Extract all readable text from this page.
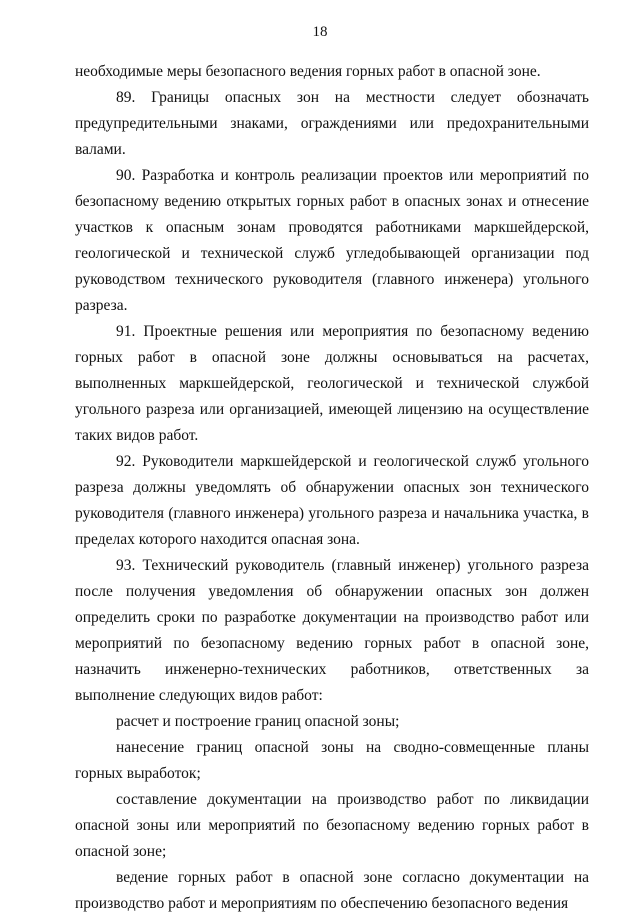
18

необходимые меры безопасного ведения горных работ в опасной зоне.

89. Границы опасных зон на местности следует обозначать предупредительными знаками, ограждениями или предохранительными валами.

90. Разработка и контроль реализации проектов или мероприятий по безопасному ведению открытых горных работ в опасных зонах и отнесение участков к опасным зонам проводятся работниками маркшейдерской, геологической и технической служб угледобывающей организации под руководством технического руководителя (главного инженера) угольного разреза.

91. Проектные решения или мероприятия по безопасному ведению горных работ в опасной зоне должны основываться на расчетах, выполненных маркшейдерской, геологической и технической службой угольного разреза или организацией, имеющей лицензию на осуществление таких видов работ.

92. Руководители маркшейдерской и геологической служб угольного разреза должны уведомлять об обнаружении опасных зон технического руководителя (главного инженера) угольного разреза и начальника участка, в пределах которого находится опасная зона.

93. Технический руководитель (главный инженер) угольного разреза после получения уведомления об обнаружении опасных зон должен определить сроки по разработке документации на производство работ или мероприятий по безопасному ведению горных работ в опасной зоне, назначить инженерно-технических работников, ответственных за выполнение следующих видов работ:

расчет и построение границ опасной зоны;

нанесение границ опасной зоны на сводно-совмещенные планы горных выработок;

составление документации на производство работ по ликвидации опасной зоны или мероприятий по безопасному ведению горных работ в опасной зоне;

ведение горных работ в опасной зоне согласно документации на производство работ и мероприятиям по обеспечению безопасного ведения
